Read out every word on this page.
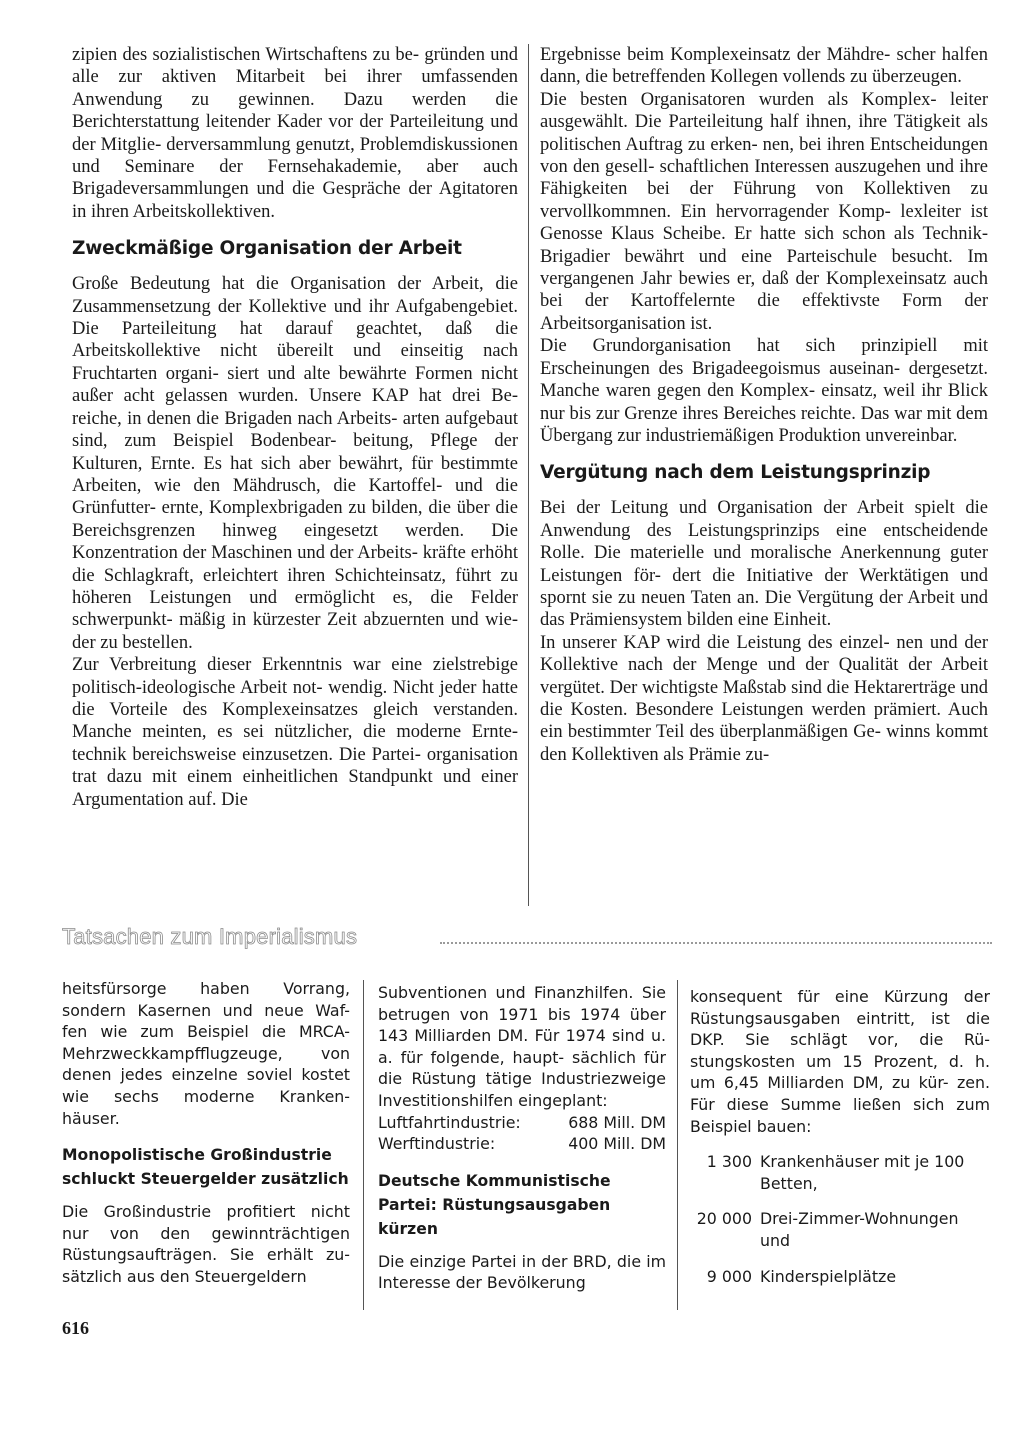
zipien des sozialistischen Wirtschaftens zu be- gründen und alle zur aktiven Mitarbeit bei ihrer umfassenden Anwendung zu gewinnen. Dazu werden die Berichterstattung leitender Kader vor der Parteileitung und der Mitglie- derversammlung genutzt, Problemdiskussionen und Seminare der Fernsehakademie, aber auch Brigadeversammlungen und die Gespräche der Agitatoren in ihren Arbeitskollektiven.

Zweckmäßige Organisation der Arbeit

Große Bedeutung hat die Organisation der Arbeit, die Zusammensetzung der Kollektive und ihr Aufgabengebiet. Die Parteileitung hat darauf geachtet, daß die Arbeitskollektive nicht übereilt und einseitig nach Fruchtarten organi- siert und alte bewährte Formen nicht außer acht gelassen wurden. Unsere KAP hat drei Be- reiche, in denen die Brigaden nach Arbeits- arten aufgebaut sind, zum Beispiel Bodenbear- beitung, Pflege der Kulturen, Ernte. Es hat sich aber bewährt, für bestimmte Arbeiten, wie den Mähdrusch, die Kartoffel- und die Grünfutter- ernte, Komplexbrigaden zu bilden, die über die Bereichsgrenzen hinweg eingesetzt werden. Die Konzentration der Maschinen und der Arbeits- kräfte erhöht die Schlagkraft, erleichtert ihren Schichteinsatz, führt zu höheren Leistungen und ermöglicht es, die Felder schwerpunkt- mäßig in kürzester Zeit abzuernten und wie- der zu bestellen.

Zur Verbreitung dieser Erkenntnis war eine zielstrebige politisch-ideologische Arbeit not- wendig. Nicht jeder hatte die Vorteile des Komplexeinsatzes gleich verstanden. Manche meinten, es sei nützlicher, die moderne Ernte- technik bereichsweise einzusetzen. Die Partei- organisation trat dazu mit einem einheitlichen Standpunkt und einer Argumentation auf. Die

Ergebnisse beim Komplexeinsatz der Mähdre- scher halfen dann, die betreffenden Kollegen vollends zu überzeugen.

Die besten Organisatoren wurden als Komplex- leiter ausgewählt. Die Parteileitung half ihnen, ihre Tätigkeit als politischen Auftrag zu erken- nen, bei ihren Entscheidungen von den gesell- schaftlichen Interessen auszugehen und ihre Fähigkeiten bei der Führung von Kollektiven zu vervollkommnen. Ein hervorragender Komp- lexleiter ist Genosse Klaus Scheibe. Er hatte sich schon als Technik-Brigadier bewährt und eine Parteischule besucht. Im vergangenen Jahr bewies er, daß der Komplexeinsatz auch bei der Kartoffelernte die effektivste Form der Arbeitsorganisation ist.

Die Grundorganisation hat sich prinzipiell mit Erscheinungen des Brigadeegoismus auseinan- dergesetzt. Manche waren gegen den Komplex- einsatz, weil ihr Blick nur bis zur Grenze ihres Bereiches reichte. Das war mit dem Übergang zur industriemäßigen Produktion unvereinbar.

Vergütung nach dem Leistungsprinzip

Bei der Leitung und Organisation der Arbeit spielt die Anwendung des Leistungsprinzips eine entscheidende Rolle. Die materielle und moralische Anerkennung guter Leistungen för- dert die Initiative der Werktätigen und spornt sie zu neuen Taten an. Die Vergütung der Arbeit und das Prämiensystem bilden eine Einheit.

In unserer KAP wird die Leistung des einzel- nen und der Kollektive nach der Menge und der Qualität der Arbeit vergütet. Der wichtigste Maßstab sind die Hektarerträge und die Kosten. Besondere Leistungen werden prämiert. Auch ein bestimmter Teil des überplanmäßigen Ge- winns kommt den Kollektiven als Prämie zu-

Tatsachen zum Imperialismus

heitsfürsorge haben Vorrang, sondern Kasernen und neue Waf- fen wie zum Beispiel die MRCA- Mehrzweckkampfflugzeuge, von denen jedes einzelne soviel kostet wie sechs moderne Kranken- häuser.

Monopolistische Großindustrie schluckt Steuergelder zusätzlich

Die Großindustrie profitiert nicht nur von den gewinnträchtigen Rüstungsaufträgen. Sie erhält zu- sätzlich aus den Steuergeldern

Subventionen und Finanzhilfen. Sie betrugen von 1971 bis 1974 über 143 Milliarden DM. Für 1974 sind u. a. für folgende, haupt- sächlich für die Rüstung tätige Industriezweige Investitionshilfen eingeplant:

Luftfahrtindustrie:	688 Mill. DM
Werftindustrie:	400 Mill. DM
Deutsche Kommunistische Partei: Rüstungsausgaben kürzen

Die einzige Partei in der BRD, die im Interesse der Bevölkerung

konsequent für eine Kürzung der Rüstungsausgaben eintritt, ist die DKP. Sie schlägt vor, die Rü- stungskosten um 15 Prozent, d. h. um 6,45 Milliarden DM, zu kür- zen. Für diese Summe ließen sich zum Beispiel bauen:

1 300 Krankenhäuser mit je 100 Betten,
20 000 Drei-Zimmer-Wohnungen und
9 000 Kinderspielplätze
616
